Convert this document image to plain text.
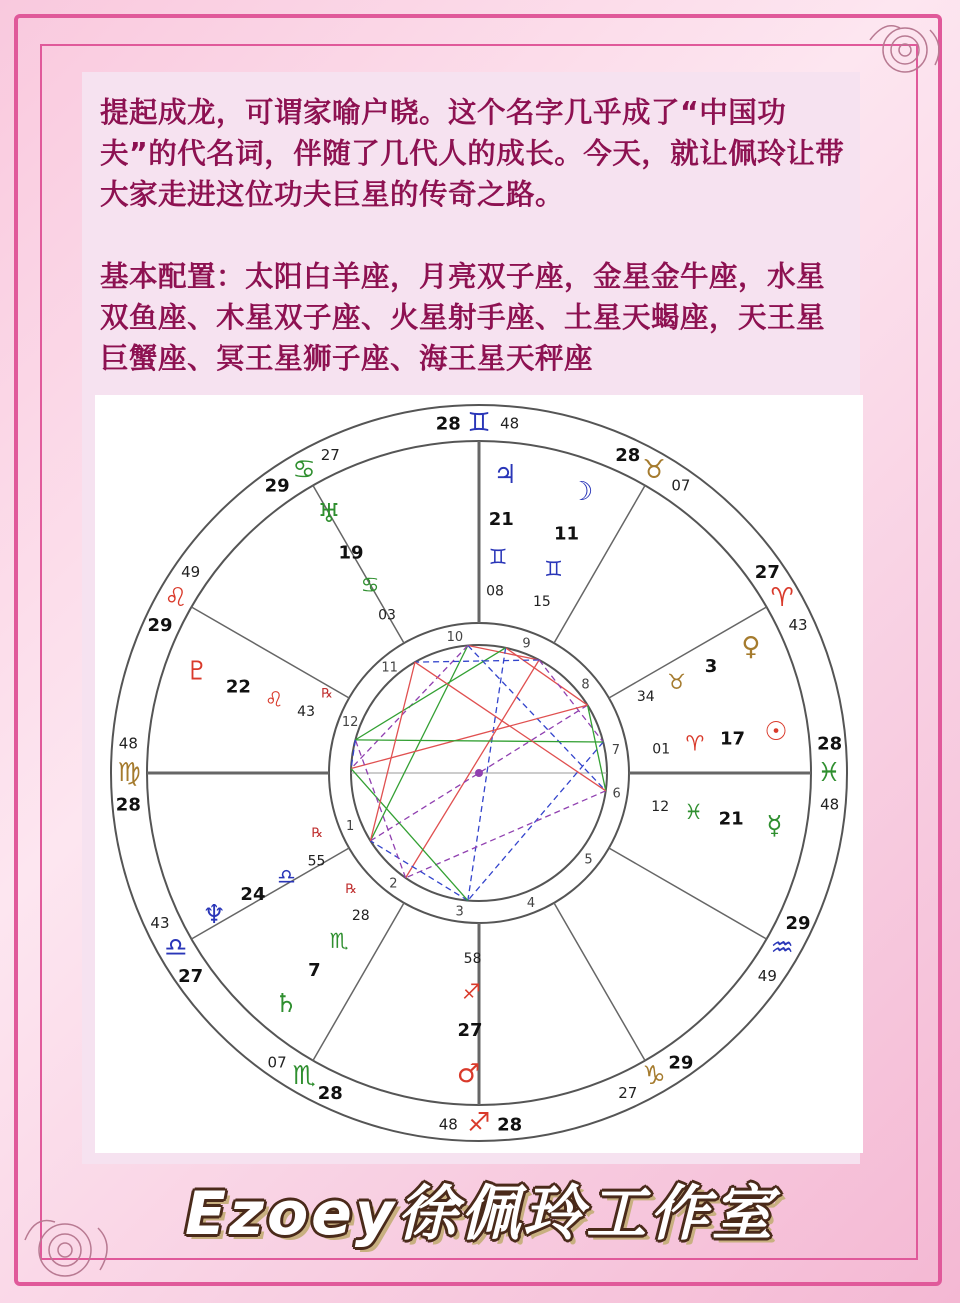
提起成龙，可谓家喻户晓。这个名字几乎成了“中国功夫”的代名词，伴随了几代人的成长。今天，就让佩玲让带大家走进这位功夫巨星的传奇之路。

基本配置：太阳白羊座，月亮双子座，金星金牛座，水星双鱼座、木星双子座、火星射手座、土星天蝎座，天王星巨蟹座、冥王星狮子座、海王星天秤座

1
2
3
4
5
6
7
8
9
10
11
12
♊
28	48
♉
28
07
♈
27
43
♓
28
48
♒
29
49
♑ 29
27
♐ 28
48
♏
28
07
♎
27
43
♍
28
48
♌
29
49
♋
29
27
♅
19
♋
03
♃
21
♊
08
☽
11
♊
15
♀
3
♉
34
☉
17
♈
01
☿
21
♓
12
♂
27
♐
58
♄
7
♏
28
℞
♆
24
♎
55
℞
♇
22
♌
43
℞
Ezoey徐佩玲工作室
